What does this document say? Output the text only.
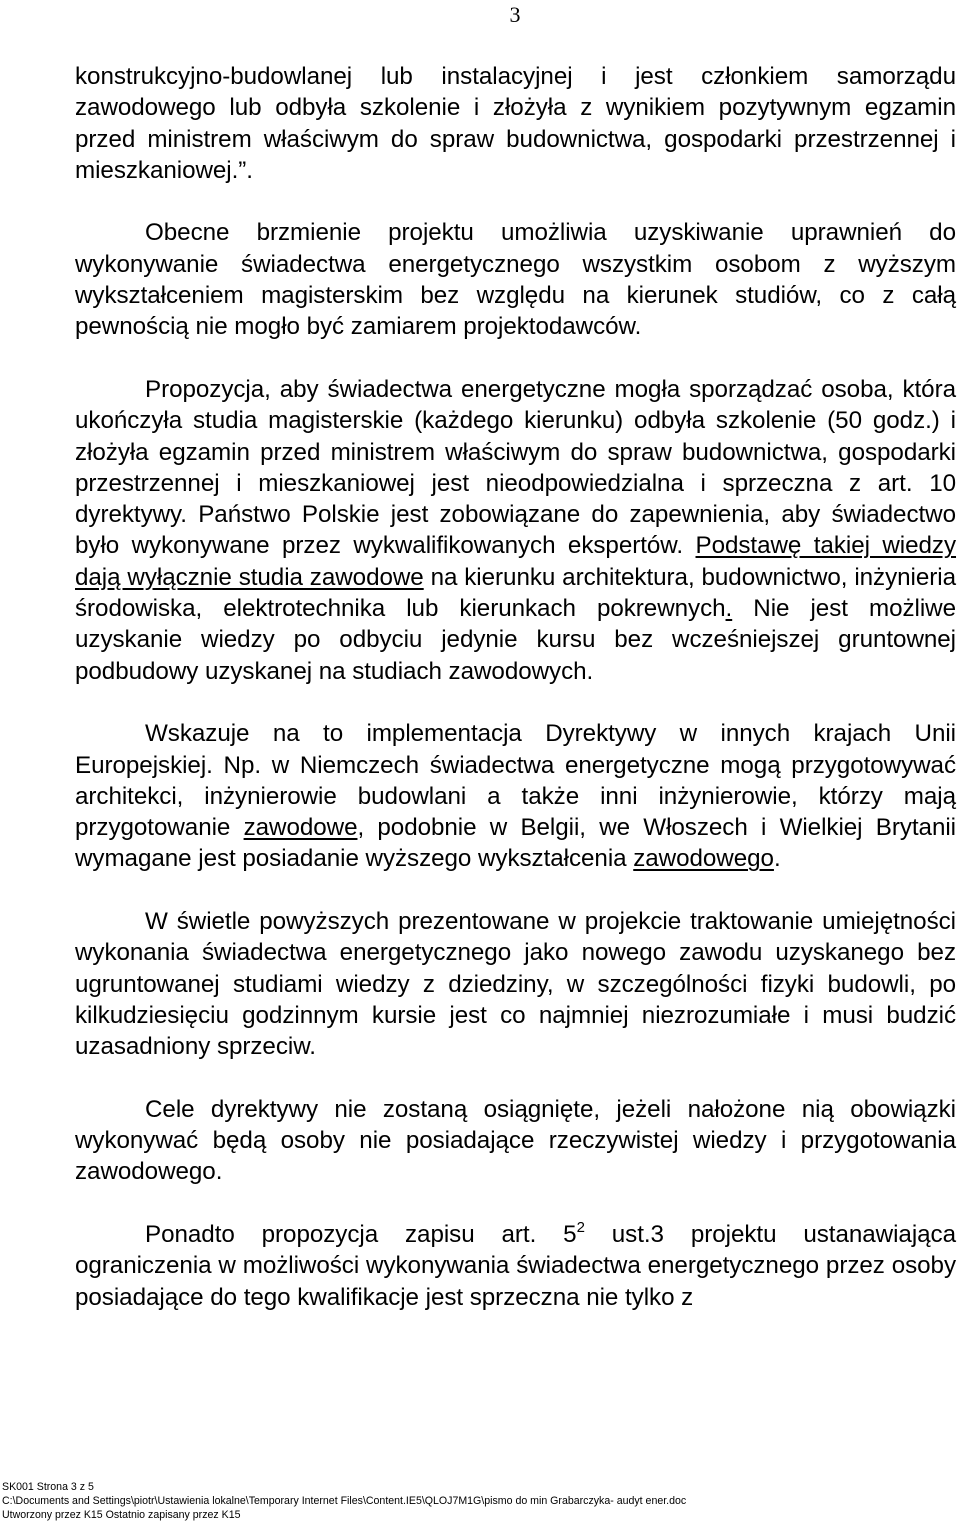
3

konstrukcyjno-budowlanej lub instalacyjnej i jest członkiem samorządu zawodowego lub odbyła szkolenie i złożyła z wynikiem pozytywnym egzamin przed ministrem właściwym do spraw budownictwa, gospodarki przestrzennej i mieszkaniowej.”.

Obecne brzmienie projektu umożliwia uzyskiwanie uprawnień do wykonywanie świadectwa energetycznego wszystkim osobom z wyższym wykształceniem magisterskim bez względu na kierunek studiów, co z całą pewnością nie mogło być zamiarem projektodawców.

Propozycja, aby świadectwa energetyczne mogła sporządzać osoba, która ukończyła studia magisterskie (każdego kierunku) odbyła szkolenie (50 godz.) i złożyła egzamin przed ministrem właściwym do spraw budownictwa, gospodarki przestrzennej i mieszkaniowej jest nieodpowiedzialna i sprzeczna z art. 10 dyrektywy. Państwo Polskie jest zobowiązane do zapewnienia, aby świadectwo było wykonywane przez wykwalifikowanych ekspertów. Podstawę takiej wiedzy dają wyłącznie studia zawodowe na kierunku architektura, budownictwo, inżynieria środowiska, elektrotechnika lub kierunkach pokrewnych. Nie jest możliwe uzyskanie wiedzy po odbyciu jedynie kursu bez wcześniejszej gruntownej podbudowy uzyskanej na studiach zawodowych.

Wskazuje na to implementacja Dyrektywy w innych krajach Unii Europejskiej. Np. w Niemczech świadectwa energetyczne mogą przygotowywać architekci, inżynierowie budowlani a także inni inżynierowie, którzy mają przygotowanie zawodowe, podobnie w Belgii, we Włoszech i Wielkiej Brytanii wymagane jest posiadanie wyższego wykształcenia zawodowego.

W świetle powyższych prezentowane w projekcie traktowanie umiejętności wykonania świadectwa energetycznego jako nowego zawodu uzyskanego bez ugruntowanej studiami wiedzy z dziedziny, w szczególności fizyki budowli, po kilkudziesięciu godzinnym kursie jest co najmniej niezrozumiałe i musi budzić uzasadniony sprzeciw.

Cele dyrektywy nie zostaną osiągnięte, jeżeli nałożone nią obowiązki wykonywać będą osoby nie posiadające rzeczywistej wiedzy i przygotowania zawodowego.

Ponadto propozycja zapisu art. $5^2$ ust.3 projektu ustanawiająca ograniczenia w możliwości wykonywania świadectwa energetycznego przez osoby posiadające do tego kwalifikacje jest sprzeczna nie tylko z

SK001 Strona 3 z 5
C:\Documents and Settings\piotr\Ustawienia lokalne\Temporary Internet Files\Content.IE5\QLOJ7M1G\pismo do min Grabarczyka- audyt ener.doc
Utworzony przez K15 Ostatnio zapisany przez K15
